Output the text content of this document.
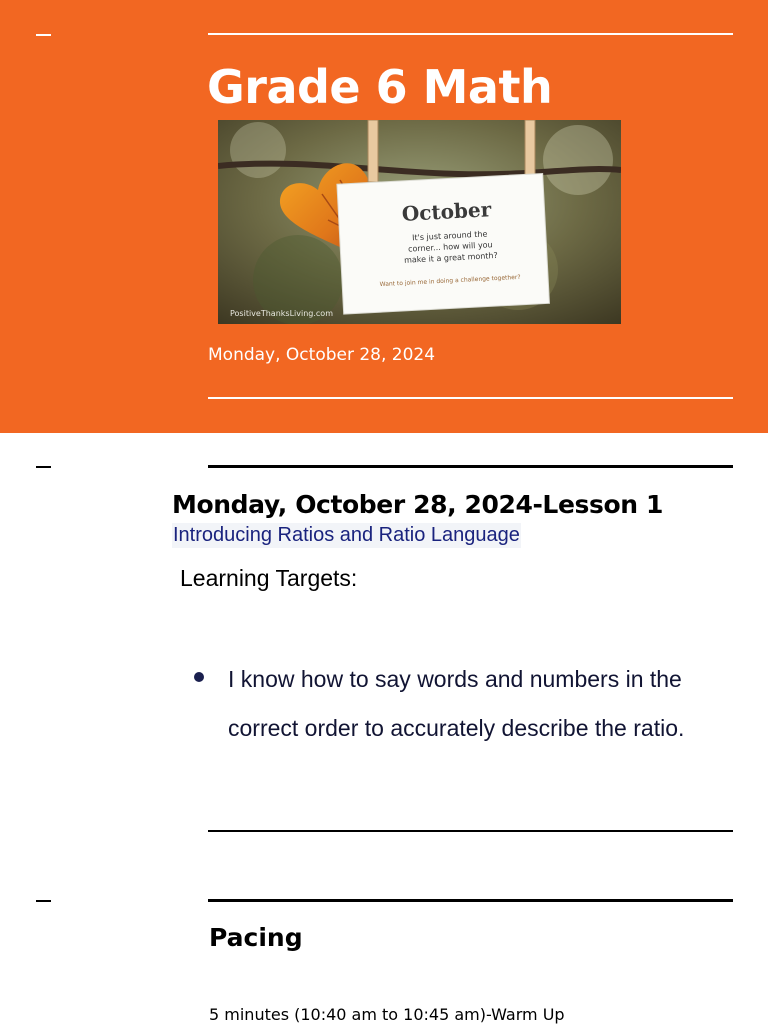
Grade 6 Math
October
It's just around the
corner... how will you
make it a great month?
Want to join me in doing a challenge together?
PositiveThanksLiving.com
Monday, October 28, 2024
Monday, October 28, 2024-Lesson 1
Introducing Ratios and Ratio Language
Learning Targets:
I know how to say words and numbers in the correct order to accurately describe the ratio.
Pacing
5 minutes (10:40 am to 10:45 am)-Warm Up
